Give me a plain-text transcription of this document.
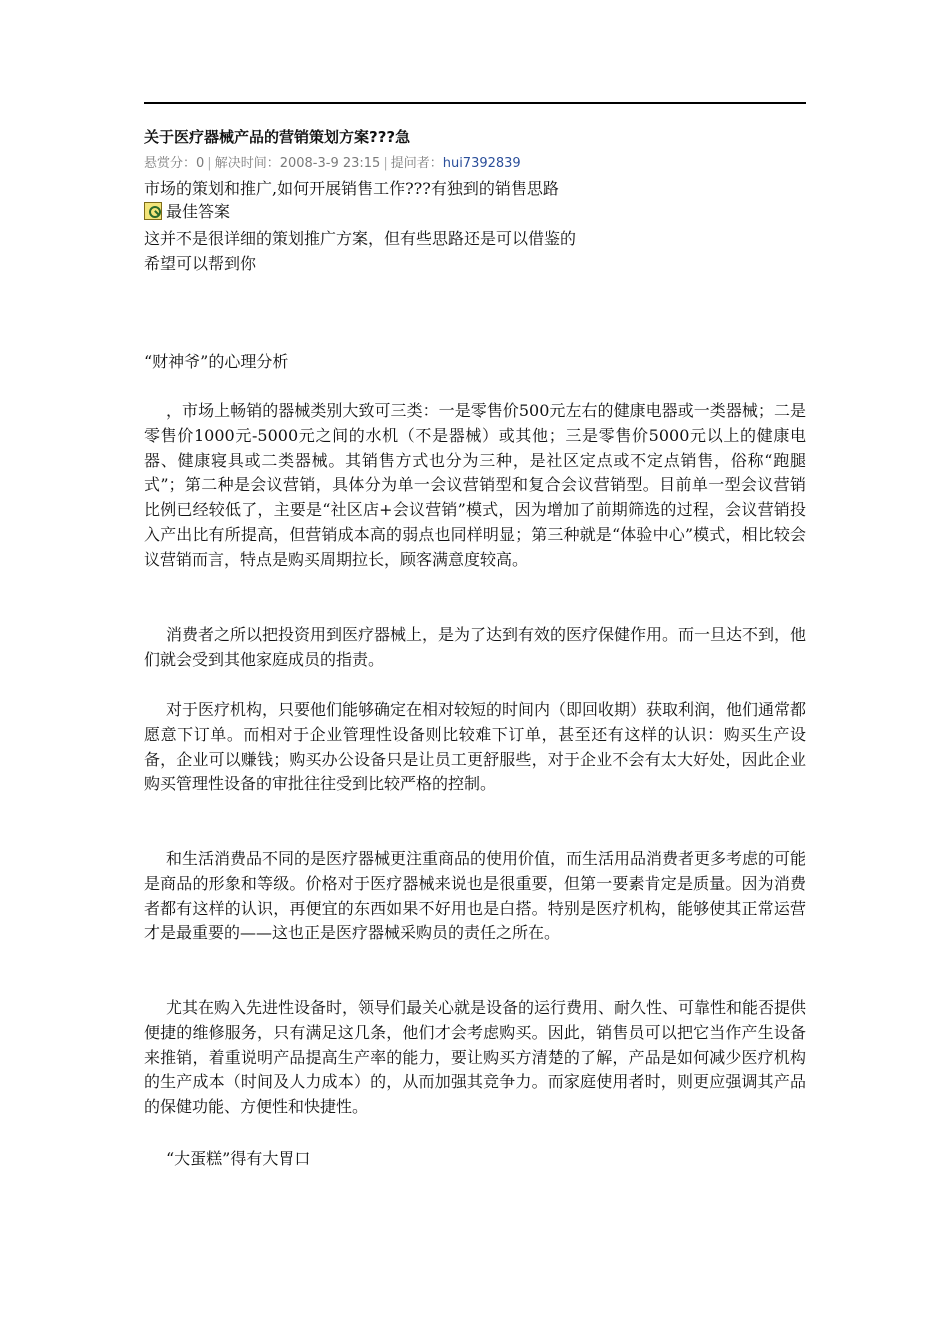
关于医疗器械产品的营销策划方案???急
悬赏分：0 | 解决时间：2008-3-9 23:15 | 提问者：hui7392839
市场的策划和推广,如何开展销售工作???有独到的销售思路
最佳答案
这并不是很详细的策划推广方案，但有些思路还是可以借鉴的
希望可以帮到你
“财神爷”的心理分析

，市场上畅销的器械类别大致可三类：一是零售价500元左右的健康电器或一类器械；二是零售价1000元-5000元之间的水机（不是器械）或其他；三是零售价5000元以上的健康电器、健康寝具或二类器械。其销售方式也分为三种，是社区定点或不定点销售，俗称“跑腿式”；第二种是会议营销，具体分为单一会议营销型和复合会议营销型。目前单一型会议营销比例已经较低了，主要是“社区店+会议营销”模式，因为增加了前期筛选的过程，会议营销投入产出比有所提高，但营销成本高的弱点也同样明显；第三种就是“体验中心”模式，相比较会议营销而言，特点是购买周期拉长，顾客满意度较高。

消费者之所以把投资用到医疗器械上，是为了达到有效的医疗保健作用。而一旦达不到，他们就会受到其他家庭成员的指责。

对于医疗机构，只要他们能够确定在相对较短的时间内（即回收期）获取利润，他们通常都愿意下订单。而相对于企业管理性设备则比较难下订单，甚至还有这样的认识：购买生产设备，企业可以赚钱；购买办公设备只是让员工更舒服些，对于企业不会有太大好处，因此企业购买管理性设备的审批往往受到比较严格的控制。

和生活消费品不同的是医疗器械更注重商品的使用价值，而生活用品消费者更多考虑的可能是商品的形象和等级。价格对于医疗器械来说也是很重要，但第一要素肯定是质量。因为消费者都有这样的认识，再便宜的东西如果不好用也是白搭。特别是医疗机构，能够使其正常运营才是最重要的——这也正是医疗器械采购员的责任之所在。

尤其在购入先进性设备时，领导们最关心就是设备的运行费用、耐久性、可靠性和能否提供便捷的维修服务，只有满足这几条，他们才会考虑购买。因此，销售员可以把它当作产生设备来推销，着重说明产品提高生产率的能力，要让购买方清楚的了解，产品是如何减少医疗机构的生产成本（时间及人力成本）的，从而加强其竞争力。而家庭使用者时，则更应强调其产品的保健功能、方便性和快捷性。

“大蛋糕”得有大胃口
